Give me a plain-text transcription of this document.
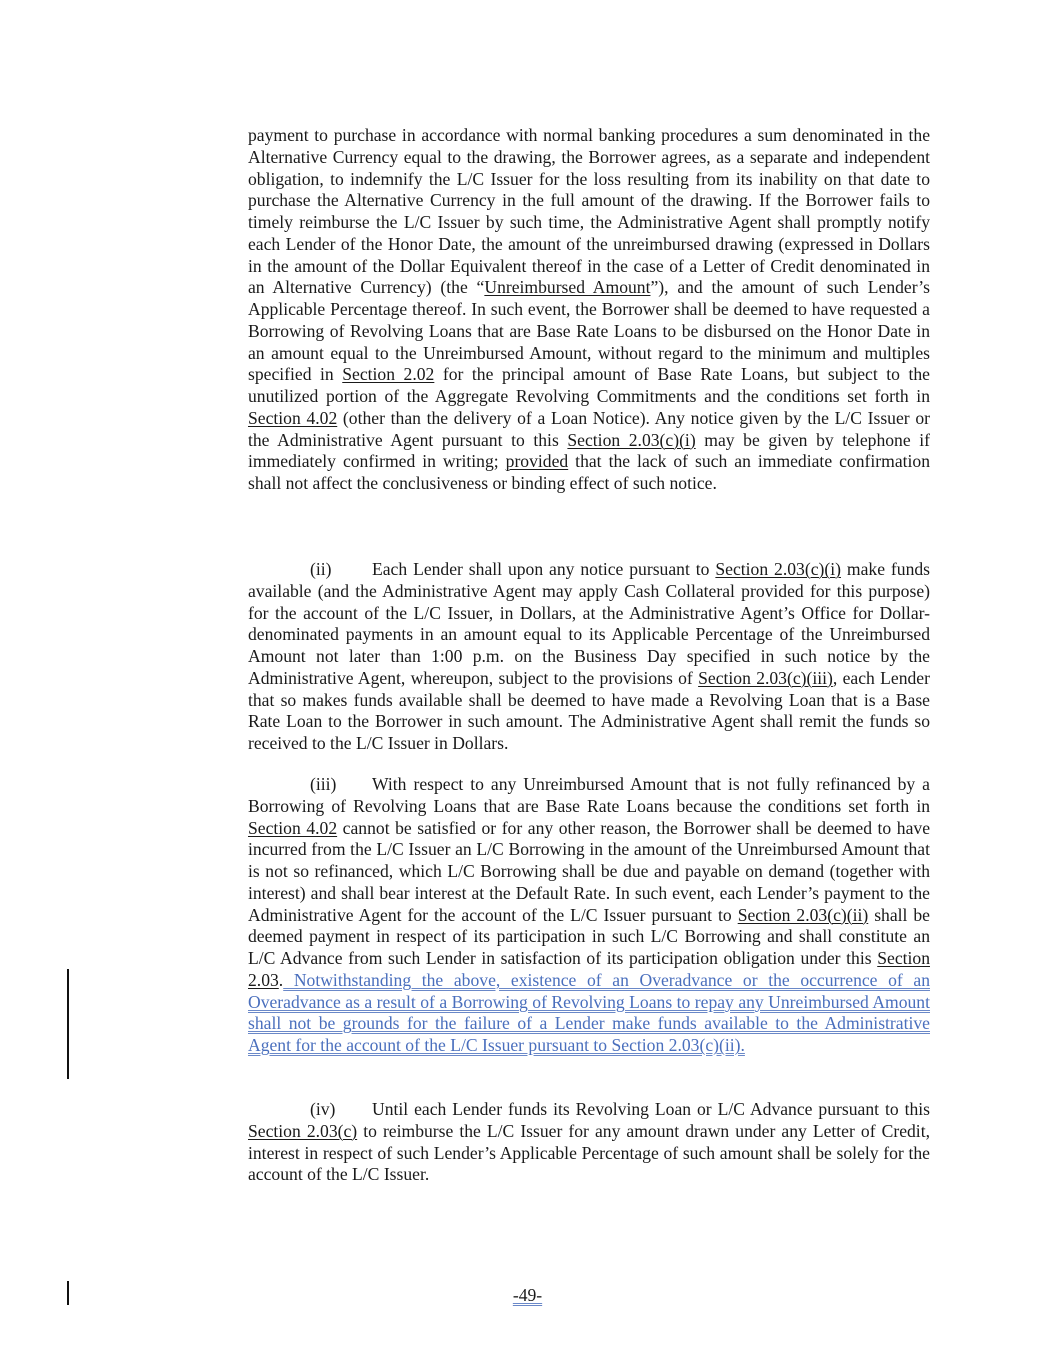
payment to purchase in accordance with normal banking procedures a sum denominated in the Alternative Currency equal to the drawing, the Borrower agrees, as a separate and independent obligation, to indemnify the L/C Issuer for the loss resulting from its inability on that date to purchase the Alternative Currency in the full amount of the drawing. If the Borrower fails to timely reimburse the L/C Issuer by such time, the Administrative Agent shall promptly notify each Lender of the Honor Date, the amount of the unreimbursed drawing (expressed in Dollars in the amount of the Dollar Equivalent thereof in the case of a Letter of Credit denominated in an Alternative Currency) (the “Unreimbursed Amount”), and the amount of such Lender’s Applicable Percentage thereof. In such event, the Borrower shall be deemed to have requested a Borrowing of Revolving Loans that are Base Rate Loans to be disbursed on the Honor Date in an amount equal to the Unreimbursed Amount, without regard to the minimum and multiples specified in Section 2.02 for the principal amount of Base Rate Loans, but subject to the unutilized portion of the Aggregate Revolving Commitments and the conditions set forth in Section 4.02 (other than the delivery of a Loan Notice). Any notice given by the L/C Issuer or the Administrative Agent pursuant to this Section 2.03(c)(i) may be given by telephone if immediately confirmed in writing; provided that the lack of such an immediate confirmation shall not affect the conclusiveness or binding effect of such notice.

(ii) Each Lender shall upon any notice pursuant to Section 2.03(c)(i) make funds available (and the Administrative Agent may apply Cash Collateral provided for this purpose) for the account of the L/C Issuer, in Dollars, at the Administrative Agent’s Office for Dollar-denominated payments in an amount equal to its Applicable Percentage of the Unreimbursed Amount not later than 1:00 p.m. on the Business Day specified in such notice by the Administrative Agent, whereupon, subject to the provisions of Section 2.03(c)(iii), each Lender that so makes funds available shall be deemed to have made a Revolving Loan that is a Base Rate Loan to the Borrower in such amount. The Administrative Agent shall remit the funds so received to the L/C Issuer in Dollars.

(iii) With respect to any Unreimbursed Amount that is not fully refinanced by a Borrowing of Revolving Loans that are Base Rate Loans because the conditions set forth in Section 4.02 cannot be satisfied or for any other reason, the Borrower shall be deemed to have incurred from the L/C Issuer an L/C Borrowing in the amount of the Unreimbursed Amount that is not so refinanced, which L/C Borrowing shall be due and payable on demand (together with interest) and shall bear interest at the Default Rate. In such event, each Lender’s payment to the Administrative Agent for the account of the L/C Issuer pursuant to Section 2.03(c)(ii) shall be deemed payment in respect of its participation in such L/C Borrowing and shall constitute an L/C Advance from such Lender in satisfaction of its participation obligation under this Section 2.03. Notwithstanding the above, existence of an Overadvance or the occurrence of an Overadvance as a result of a Borrowing of Revolving Loans to repay any Unreimbursed Amount shall not be grounds for the failure of a Lender make funds available to the Administrative Agent for the account of the L/C Issuer pursuant to Section 2.03(c)(ii).

(iv) Until each Lender funds its Revolving Loan or L/C Advance pursuant to this Section 2.03(c) to reimburse the L/C Issuer for any amount drawn under any Letter of Credit, interest in respect of such Lender’s Applicable Percentage of such amount shall be solely for the account of the L/C Issuer.

-49-
